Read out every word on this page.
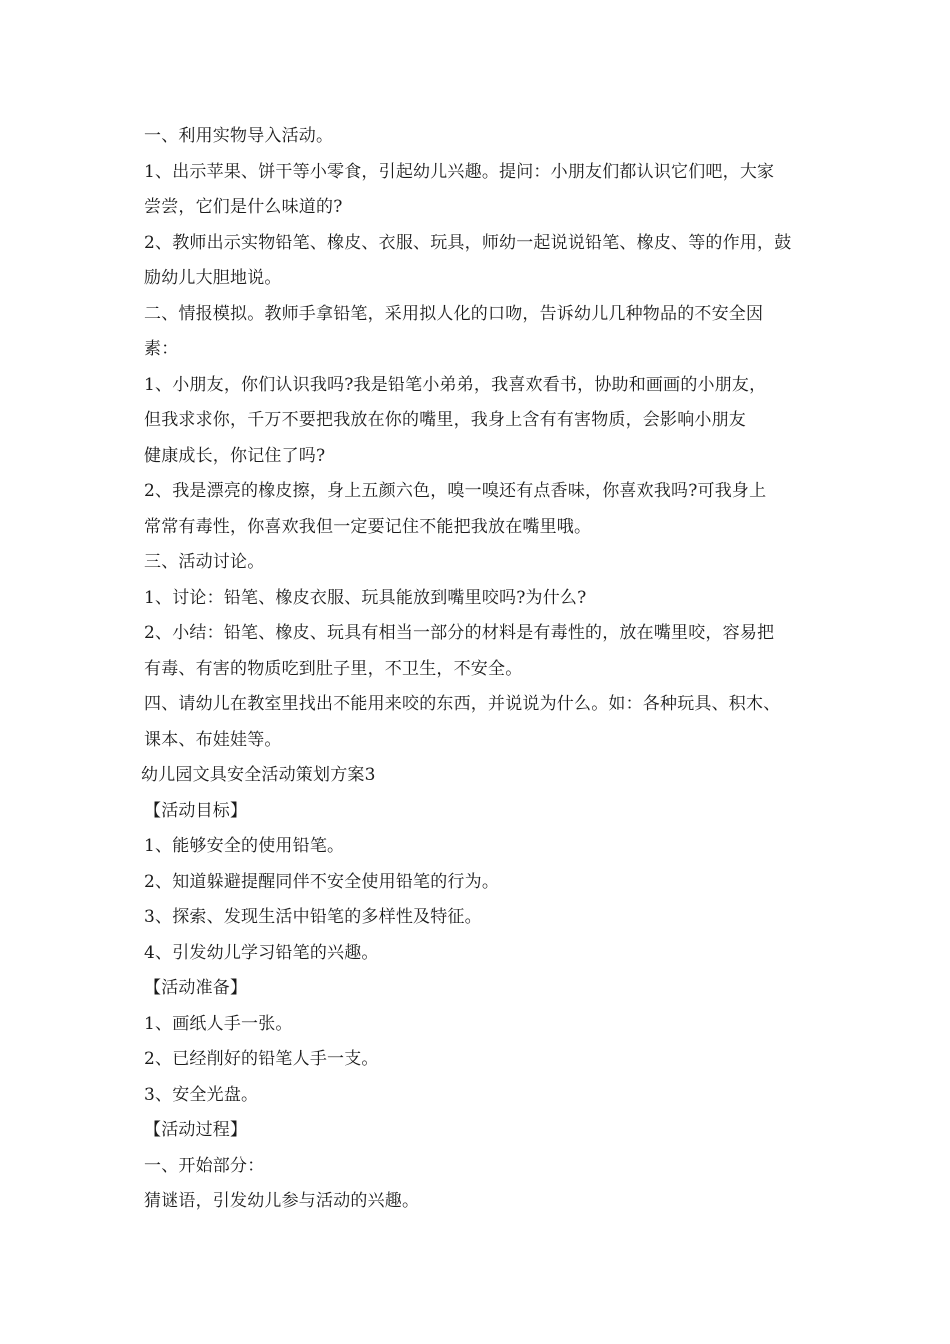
一、利用实物导入活动。
1、出示苹果、饼干等小零食，引起幼儿兴趣。提问：小朋友们都认识它们吧，大家
尝尝，它们是什么味道的?
2、教师出示实物铅笔、橡皮、衣服、玩具，师幼一起说说铅笔、橡皮、等的作用，鼓
励幼儿大胆地说。
二、情报模拟。教师手拿铅笔，采用拟人化的口吻，告诉幼儿几种物品的不安全因
素：
1、小朋友，你们认识我吗?我是铅笔小弟弟，我喜欢看书，协助和画画的小朋友，
但我求求你，千万不要把我放在你的嘴里，我身上含有有害物质，会影响小朋友
健康成长，你记住了吗?
2、我是漂亮的橡皮擦，身上五颜六色，嗅一嗅还有点香味，你喜欢我吗?可我身上
常常有毒性，你喜欢我但一定要记住不能把我放在嘴里哦。
三、活动讨论。
1、讨论：铅笔、橡皮衣服、玩具能放到嘴里咬吗?为什么?
2、小结：铅笔、橡皮、玩具有相当一部分的材料是有毒性的，放在嘴里咬，容易把
有毒、有害的物质吃到肚子里，不卫生，不安全。
四、请幼儿在教室里找出不能用来咬的东西，并说说为什么。如：各种玩具、积木、
课本、布娃娃等。
幼儿园文具安全活动策划方案3
【活动目标】
1、能够安全的使用铅笔。
2、知道躲避提醒同伴不安全使用铅笔的行为。
3、探索、发现生活中铅笔的多样性及特征。
4、引发幼儿学习铅笔的兴趣。
【活动准备】
1、画纸人手一张。
2、已经削好的铅笔人手一支。
3、安全光盘。
【活动过程】
一、开始部分：
猜谜语，引发幼儿参与活动的兴趣。
